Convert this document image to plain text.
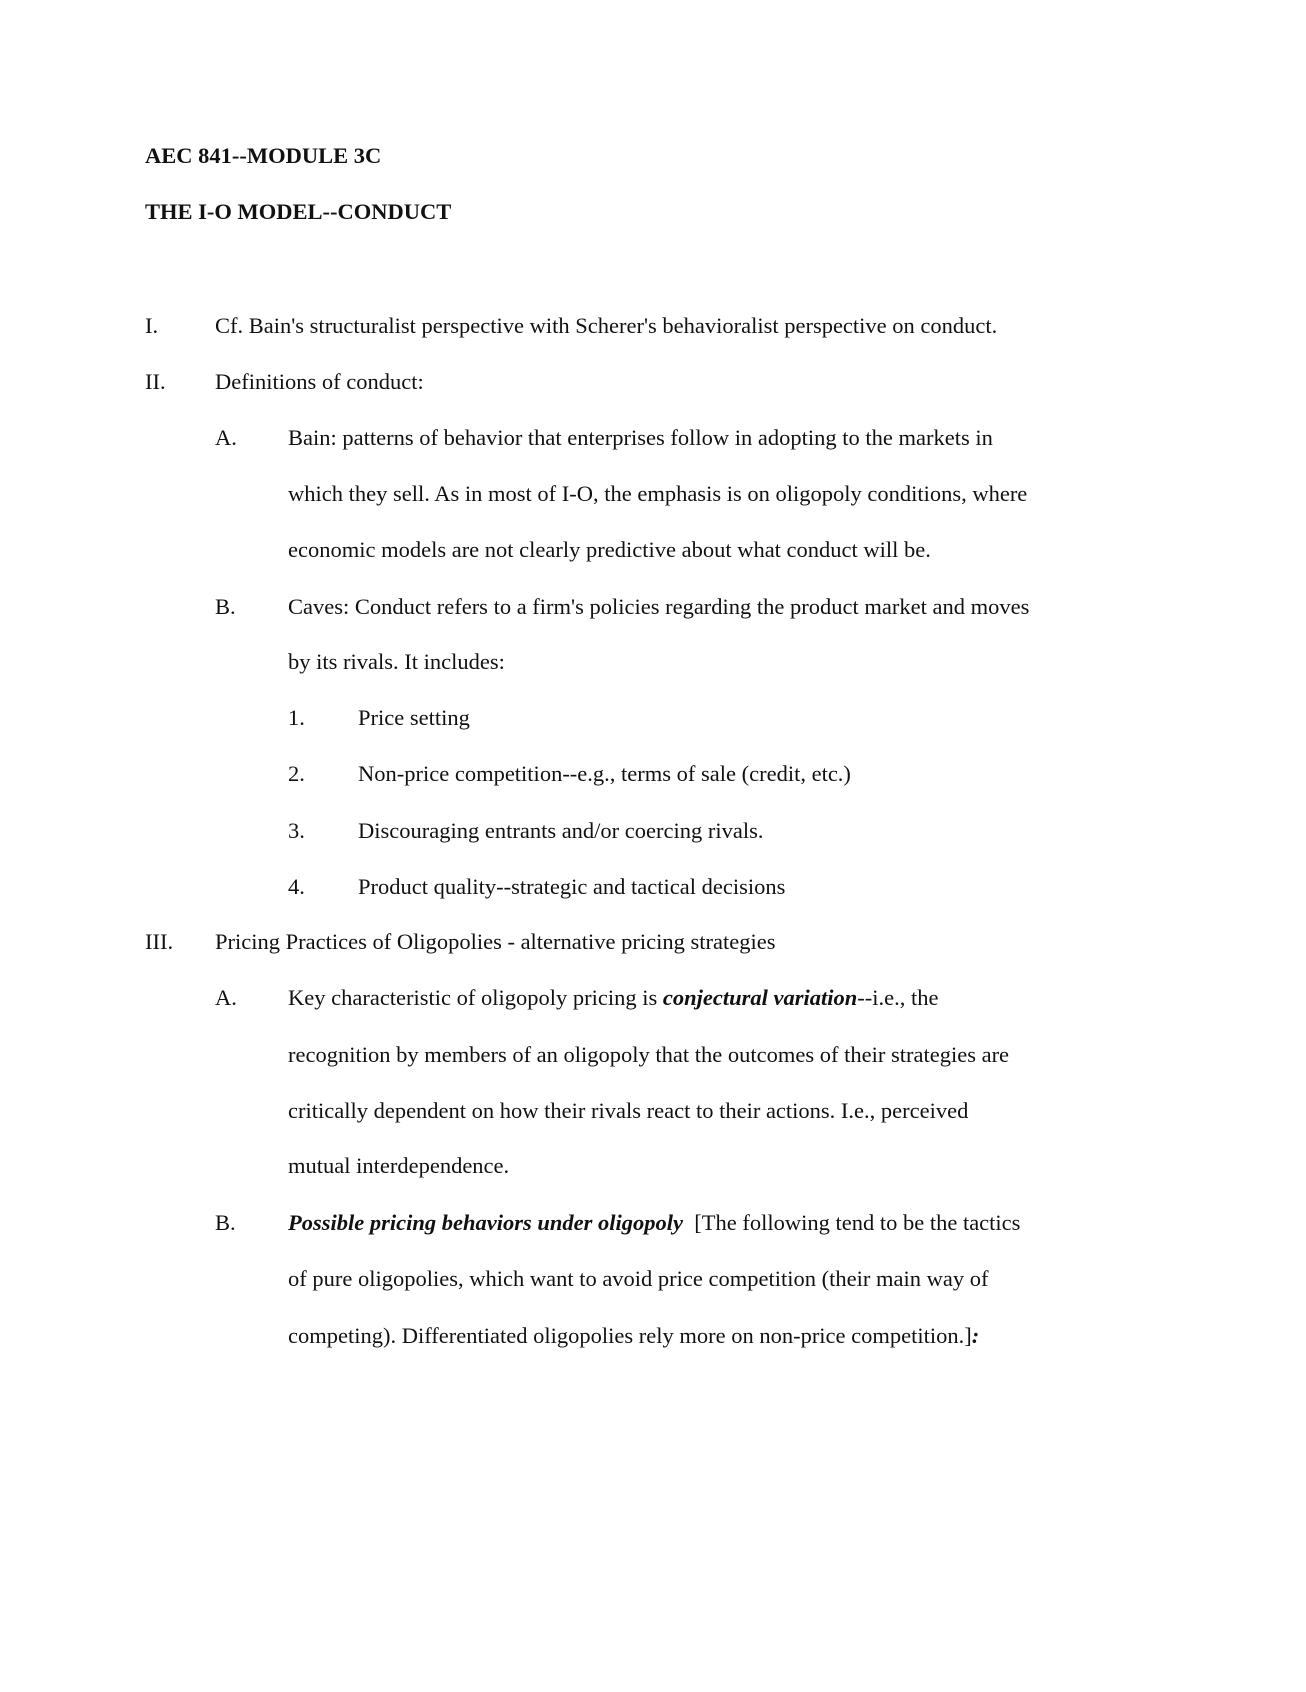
AEC 841--MODULE 3C
THE I-O MODEL--CONDUCT
I.	Cf. Bain's structuralist perspective with Scherer's behavioralist perspective on conduct.
II. Definitions of conduct:
A. Bain: patterns of behavior that enterprises follow in adopting to the markets in
which they sell. As in most of I-O, the emphasis is on oligopoly conditions, where
economic models are not clearly predictive about what conduct will be.
B. Caves: Conduct refers to a firm's policies regarding the product market and moves
by its rivals. It includes:
1. Price setting
2. Non-price competition--e.g., terms of sale (credit, etc.)
3. Discouraging entrants and/or coercing rivals.
4. Product quality--strategic and tactical decisions
III. Pricing Practices of Oligopolies - alternative pricing strategies
A. Key characteristic of oligopoly pricing is conjectural variation--i.e., the
recognition by members of an oligopoly that the outcomes of their strategies are
critically dependent on how their rivals react to their actions. I.e., perceived
mutual interdependence.
B. Possible pricing behaviors under oligopoly  [The following tend to be the tactics
of pure oligopolies, which want to avoid price competition (their main way of
competing). Differentiated oligopolies rely more on non-price competition.]:
